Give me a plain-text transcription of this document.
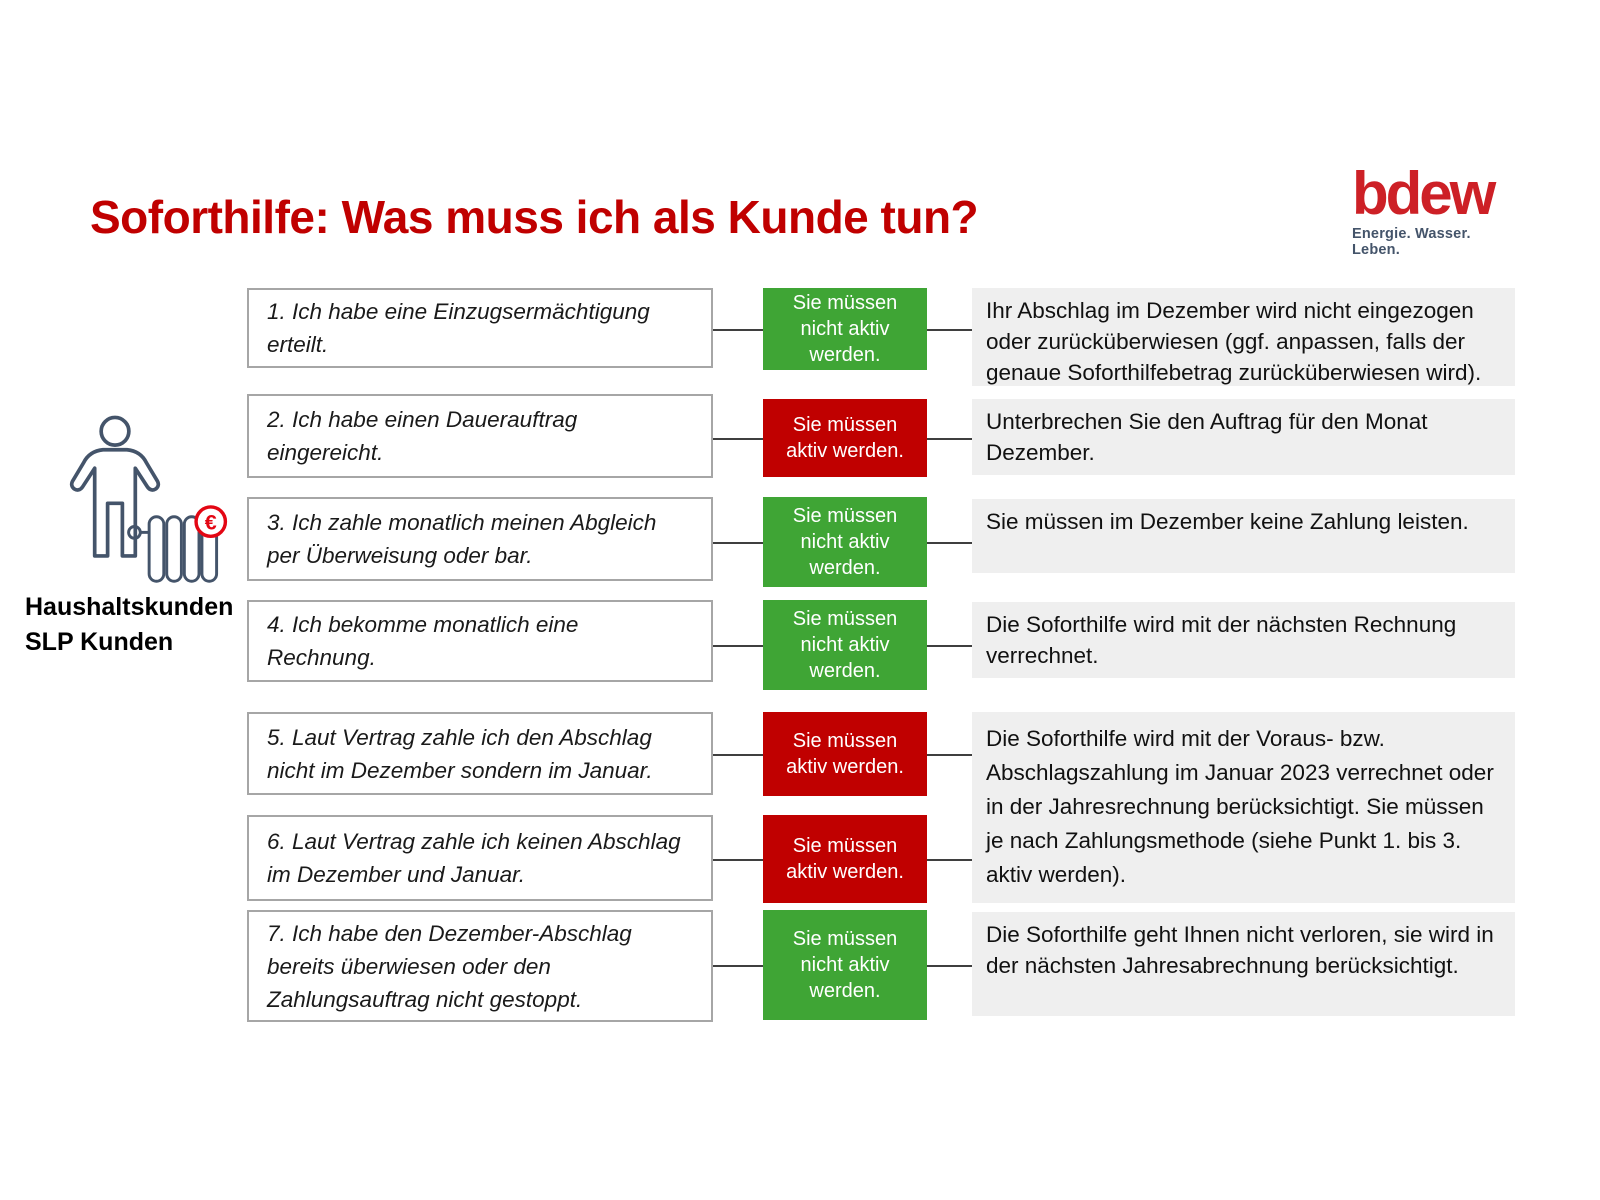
Soforthilfe: Was muss ich als Kunde tun?	bdew
Energie. Wasser. Leben.
€
Haushaltskunden
SLP Kunden
1. Ich habe eine Einzugsermächtigung erteilt.
Sie müssen nicht aktiv werden.
Ihr Abschlag im Dezember wird nicht eingezogen oder zurücküberwiesen (ggf. anpassen, falls der genaue Soforthilfebetrag zurücküberwiesen wird).
2. Ich habe einen Dauerauftrag eingereicht.
Sie müssen aktiv werden.
Unterbrechen Sie den Auftrag für den Monat Dezember.
3. Ich zahle monatlich meinen Abgleich per Überweisung oder bar.
Sie müssen nicht aktiv werden.
Sie müssen im Dezember keine Zahlung leisten.
4. Ich bekomme monatlich eine Rechnung.
Sie müssen nicht aktiv werden.
Die Soforthilfe wird mit der nächsten Rechnung verrechnet.
5. Laut Vertrag zahle ich den Abschlag nicht im Dezember sondern im Januar.
Sie müssen aktiv werden.
6. Laut Vertrag zahle ich keinen Abschlag im Dezember und Januar.
Sie müssen aktiv werden.
Die Soforthilfe wird mit der Voraus- bzw. Abschlagszahlung im Januar 2023 verrechnet oder in der Jahresrechnung berücksichtigt. Sie müssen je nach Zahlungsmethode (siehe Punkt 1. bis 3. aktiv werden).
7. Ich habe den Dezember-Abschlag bereits überwiesen oder den Zahlungsauftrag nicht gestoppt.
Sie müssen nicht aktiv werden.
Die Soforthilfe geht Ihnen nicht verloren, sie wird in der nächsten Jahresabrechnung berücksichtigt.
